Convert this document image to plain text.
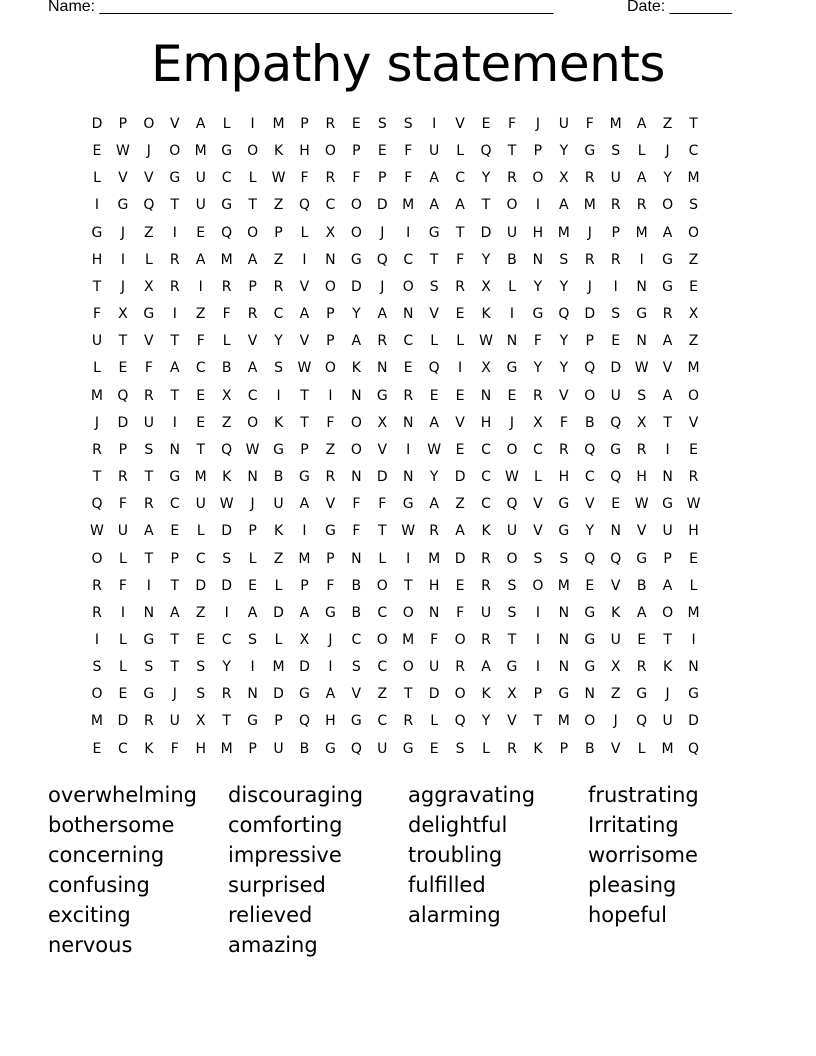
Name: ___________________________________________________	Date: _______
Empathy statements
D	P	O	V	A	L	I	M	P	R	E	S	S	I	V	E	F	J	U	F	M	A	Z	T
E	W	J	O	M	G	O	K	H	O	P	E	F	U	L	Q	T	P	Y	G	S	L	J	C
L	V	V	G	U	C	L	W	F	R	F	P	F	A	C	Y	R	O	X	R	U	A	Y	M
I	G	Q	T	U	G	T	Z	Q	C	O	D	M	A	A	T	O	I	A	M	R	R	O	S
G	J	Z	I	E	Q	O	P	L	X	O	J	I	G	T	D	U	H	M	J	P	M	A	O
H	I	L	R	A	M	A	Z	I	N	G	Q	C	T	F	Y	B	N	S	R	R	I	G	Z
T	J	X	R	I	R	P	R	V	O	D	J	O	S	R	X	L	Y	Y	J	I	N	G	E
F	X	G	I	Z	F	R	C	A	P	Y	A	N	V	E	K	I	G	Q	D	S	G	R	X
U	T	V	T	F	L	V	Y	V	P	A	R	C	L	L	W N	F	Y	P	E	N	A	Z
L	E	F	A	C	B	A	S	W O	K	N	E	Q	I	X	G	Y	Y	Q	D W	V	M
M	Q	R	T	E	X	C	I	T	I	N	G	R	E	E	N	E	R	V	O	U	S	A	O
J	D	U	I	E	Z	O	K	T	F	O	X	N	A	V	H	J	X	F	B	Q	X	T	V
R	P	S	N	T	Q W G	P	Z	O	V	I	W	E	C	O	C	R	Q	G	R	I	E
T	R	T	G	M	K	N	B	G	R	N	D	N	Y	D	C	W	L	H	C	Q	H	N	R
Q	F	R	C	U W	J	U	A	V	F	F	G	A	Z	C	Q	V	G	V	E	W G W
W U	A	E	L	D	P	K	I	G	F	T	W	R	A	K	U	V	G	Y	N	V	U	H
O	L	T	P	C	S	L	Z	M	P	N	L	I	M	D	R	O	S	S	Q	Q	G	P	E
R	F	I	T	D	D	E	L	P	F	B	O	T	H	E	R	S	O	M	E	V	B	A	L
R	I	N	A	Z	I	A	D	A	G	B	C	O	N	F	U	S	I	N	G	K	A	O	M
I	L	G	T	E	C	S	L	X	J	C	O	M	F	O	R	T	I	N	G	U	E	T	I
S	L	S	T	S	Y	I	M	D	I	S	C	O	U	R	A	G	I	N	G	X	R	K	N
O	E	G	J	S	R	N	D	G	A	V	Z	T	D	O	K	X	P	G	N	Z	G	J	G
M	D	R	U	X	T	G	P	Q	H	G	C	R	L	Q	Y	V	T	M	O	J	Q	U	D
E	C	K	F	H	M	P	U	B	G	Q	U	G	E	S	L	R	K	P	B	V	L	M	Q
overwhelming	discouraging	aggravating	frustrating
bothersome	comforting	delightful	Irritating
concerning	impressive	troubling	worrisome
confusing	surprised	fulfilled	pleasing
exciting	relieved	alarming	hopeful
nervous	amazing
